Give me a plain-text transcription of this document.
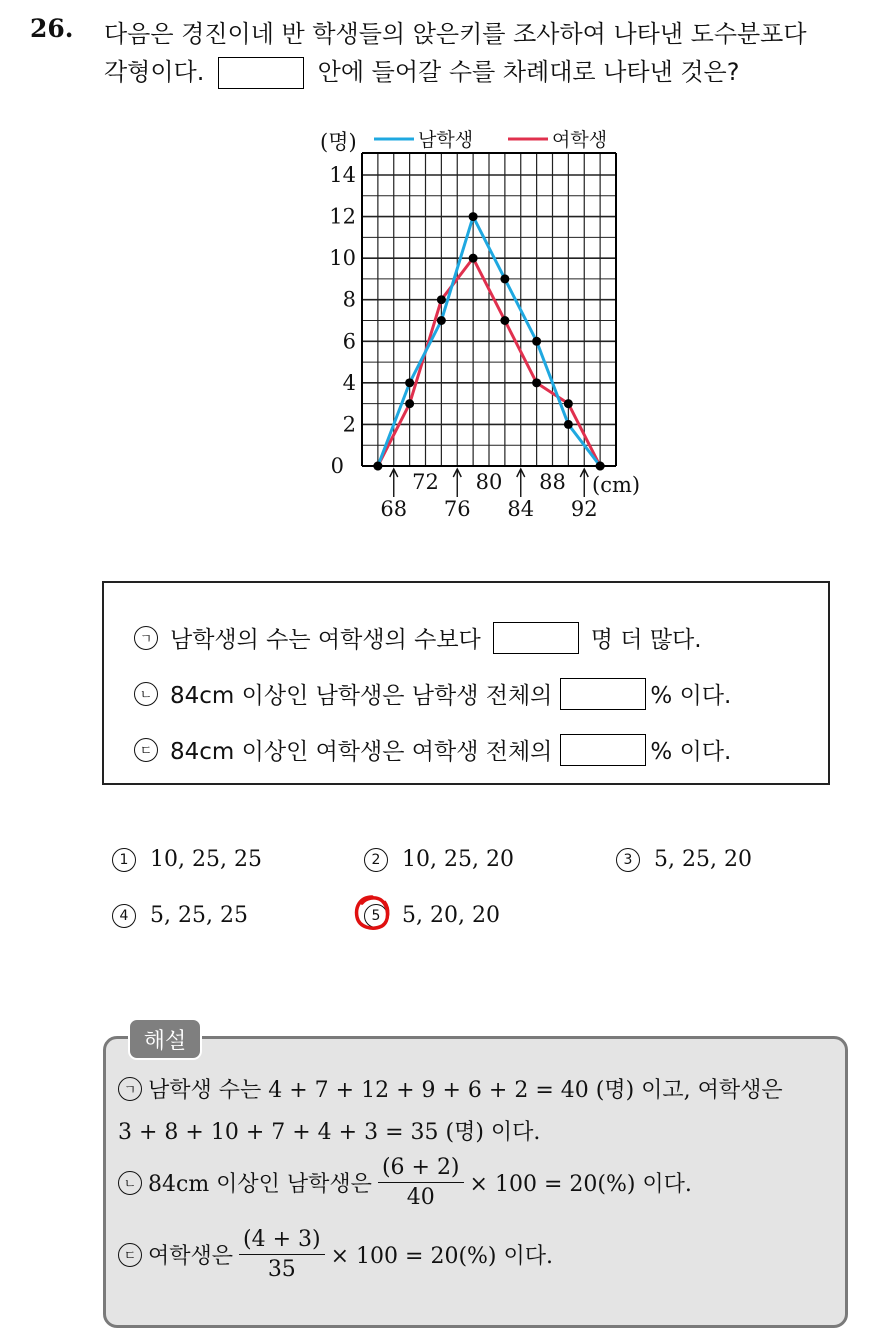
26. 다음은 경진이네 반 학생들의 앉은키를 조사하여 나타낸 도수분포다
각형이다.	안에 들어갈 수를 차례대로 나타낸 것은?
0
2
4
6
8
10
12
14
(명)
72 80 88
68 76 84 92
(cm)
남학생	여학생
ㄱ 남학생의 수는 여학생의 수보다	명 더 많다.
ㄴ 84cm 이상인 남학생은 남학생 전체의	% 이다.
ㄷ 84cm 이상인 여학생은 여학생 전체의	% 이다.
1 10, 25, 25	2 10, 25, 20	3 5, 25, 20
4 5, 25, 25	5 5, 20, 20
ㄱ 남학생 수는 4 + 7 + 12 + 9 + 6 + 2 = 40 (명) 이고, 여학생은
3 + 8 + 10 + 7 + 4 + 3 = 35 (명) 이다.
ㄴ 84cm 이상인 남학생은 $\frac{(6 + 2)}{40} \times 100 = 20(\%)$ 이다.
ㄷ 여학생은 $\frac{(4 + 3)}{35} \times 100 = 20(\%)$ 이다.
해설
